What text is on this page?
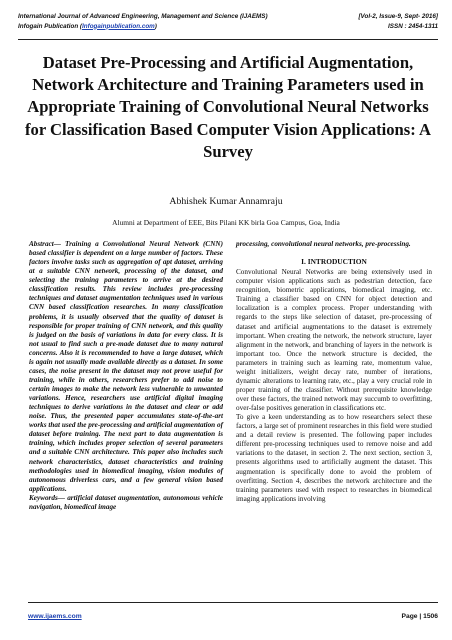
International Journal of Advanced Engineering, Management and Science (IJAEMS)	[Vol-2, Issue-9, Sept- 2016]
Infogain Publication (Infogainpublication.com)	ISSN : 2454-1311
Dataset Pre-Processing and Artificial Augmentation, Network Architecture and Training Parameters used in Appropriate Training of Convolutional Neural Networks for Classification Based Computer Vision Applications: A Survey
Abhishek Kumar Annamraju
Alumni at Department of EEE, Bits Pilani KK birla Goa Campus, Goa, India
Abstract— Training a Convolutional Neural Network (CNN) based classifier is dependent on a large number of factors. These factors involve tasks such as aggregation of apt dataset, arriving at a suitable CNN network, processing of the dataset, and selecting the training parameters to arrive at the desired classification results. This review includes pre-processing techniques and dataset augmentation techniques used in various CNN based classification researches. In many classification problems, it is usually observed that the quality of dataset is responsible for proper training of CNN network, and this quality is judged on the basis of variations in data for every class. It is not usual to find such a pre-made dataset due to many natural concerns. Also it is recommended to have a large dataset, which is again not usually made available directly as a dataset. In some cases, the noise present in the dataset may not prove useful for training, while in others, researchers prefer to add noise to certain images to make the network less vulnerable to unwanted variations. Hence, researchers use artificial digital imaging techniques to derive variations in the dataset and clear or add noise. Thus, the presented paper accumulates state-of-the-art works that used the pre-processing and artificial augmentation of dataset before training. The next part to data augmentation is training, which includes proper selection of several parameters and a suitable CNN architecture. This paper also includes such network characteristics, dataset characteristics and training methodologies used in biomedical imaging, vision modules of autonomous driverless cars, and a few general vision based applications.
Keywords— artificial dataset augmentation, autonomous vehicle navigation, biomedical image
processing, convolutional neural networks, pre-processing.
I. INTRODUCTION

Convolutional Neural Networks are being extensively used in computer vision applications such as pedestrian detection, face recognition, biometric applications, biomedical imaging, etc. Training a classifier based on CNN for object detection and localization is a complex process. Proper understanding with regards to the steps like selection of dataset, pre-processing of dataset and artificial augmentations to the dataset is extremely important. When creating the network, the network structure, layer alignment in the network, and branching of layers in the network is important too. Once the network structure is decided, the parameters in training such as learning rate, momentum value, weight initializers, weight decay rate, number of iterations, dynamic alterations to learning rate, etc., play a very crucial role in proper training of the classifier. Without prerequisite knowledge over these factors, the trained network may succumb to overfitting, over-false positives generation in classifications etc.

To give a keen understanding as to how researchers select these factors, a large set of prominent researches in this field were studied and a detail review is presented. The following paper includes different pre-processing techniques used to remove noise and add variations to the dataset, in section 2. The next section, section 3, presents algorithms used to artificially augment the dataset. This augmentation is specifically done to avoid the problem of overfitting. Section 4, describes the network architecture and the training parameters used with respect to researches in biomedical imaging applications involving

www.ijaems.com	Page | 1506
